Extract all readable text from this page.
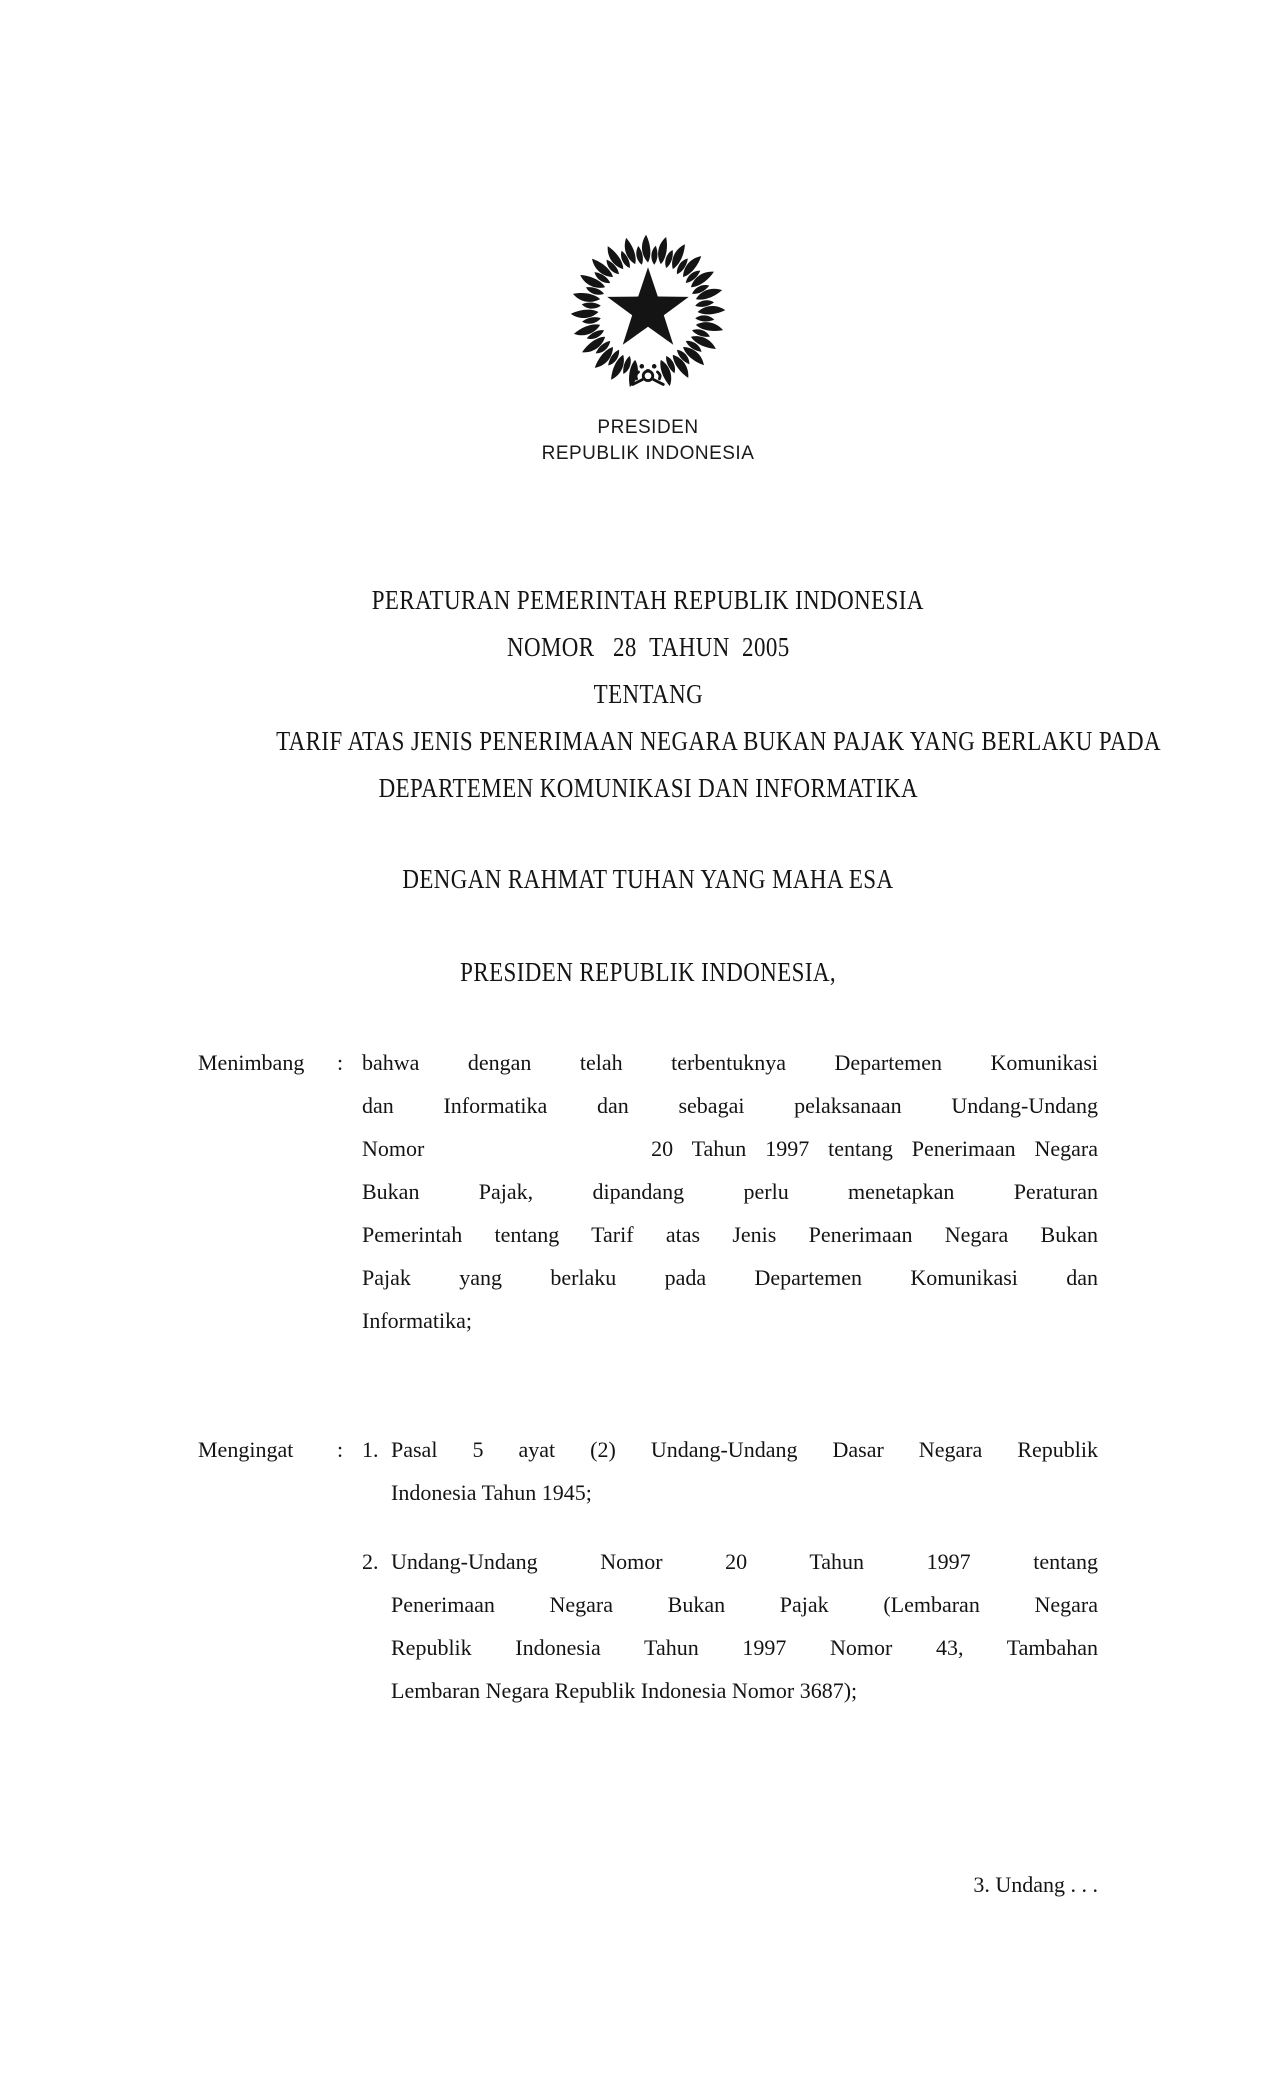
PRESIDEN
REPUBLIK INDONESIA
PERATURAN PEMERINTAH REPUBLIK INDONESIA
NOMOR   28  TAHUN  2005
TENTANG
TARIF ATAS JENIS PENERIMAAN NEGARA BUKAN PAJAK YANG BERLAKU PADA
DEPARTEMEN KOMUNIKASI DAN INFORMATIKA
DENGAN RAHMAT TUHAN YANG MAHA ESA
PRESIDEN REPUBLIK INDONESIA,
Menimbang	: bahwa dengan telah terbentuknya Departemen Komunikasi
dan Informatika dan sebagai pelaksanaan Undang-Undang
Nomor            20 Tahun 1997 tentang Penerimaan Negara
Bukan Pajak, dipandang perlu menetapkan Peraturan
Pemerintah tentang Tarif atas Jenis Penerimaan Negara Bukan
Pajak yang berlaku pada Departemen Komunikasi dan
Informatika;
Mengingat	: 1. Pasal 5 ayat (2) Undang-Undang Dasar Negara Republik
Indonesia Tahun 1945;
2. Undang-Undang Nomor 20 Tahun 1997 tentang
Penerimaan Negara Bukan Pajak (Lembaran Negara
Republik Indonesia Tahun 1997 Nomor 43, Tambahan
Lembaran Negara Republik Indonesia Nomor 3687);
3. Undang . . .
